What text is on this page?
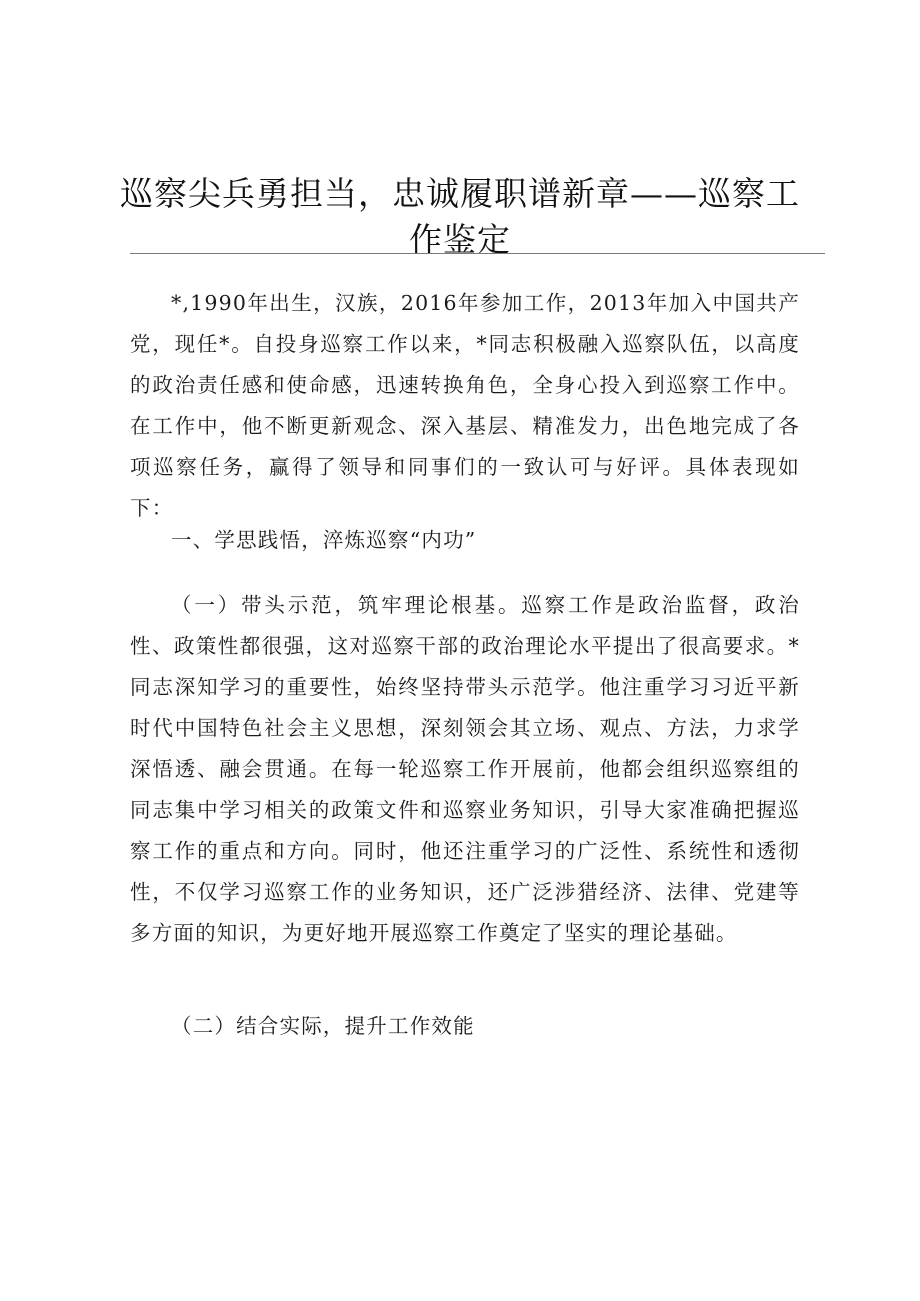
巡察尖兵勇担当，忠诚履职谱新章——巡察工
作鉴定

*,1990年出生，汉族，2016年参加工作，2013年加入中国共产党，现任*。自投身巡察工作以来，*同志积极融入巡察队伍，以高度的政治责任感和使命感，迅速转换角色，全身心投入到巡察工作中。在工作中，他不断更新观念、深入基层、精准发力，出色地完成了各项巡察任务，赢得了领导和同事们的一致认可与好评。具体表现如下：

一、学思践悟，淬炼巡察“内功”

（一）带头示范，筑牢理论根基。巡察工作是政治监督，政治性、政策性都很强，这对巡察干部的政治理论水平提出了很高要求。*同志深知学习的重要性，始终坚持带头示范学。他注重学习习近平新时代中国特色社会主义思想，深刻领会其立场、观点、方法，力求学深悟透、融会贯通。在每一轮巡察工作开展前，他都会组织巡察组的同志集中学习相关的政策文件和巡察业务知识，引导大家准确把握巡察工作的重点和方向。同时，他还注重学习的广泛性、系统性和透彻性，不仅学习巡察工作的业务知识，还广泛涉猎经济、法律、党建等多方面的知识，为更好地开展巡察工作奠定了坚实的理论基础。

（二）结合实际，提升工作效能
